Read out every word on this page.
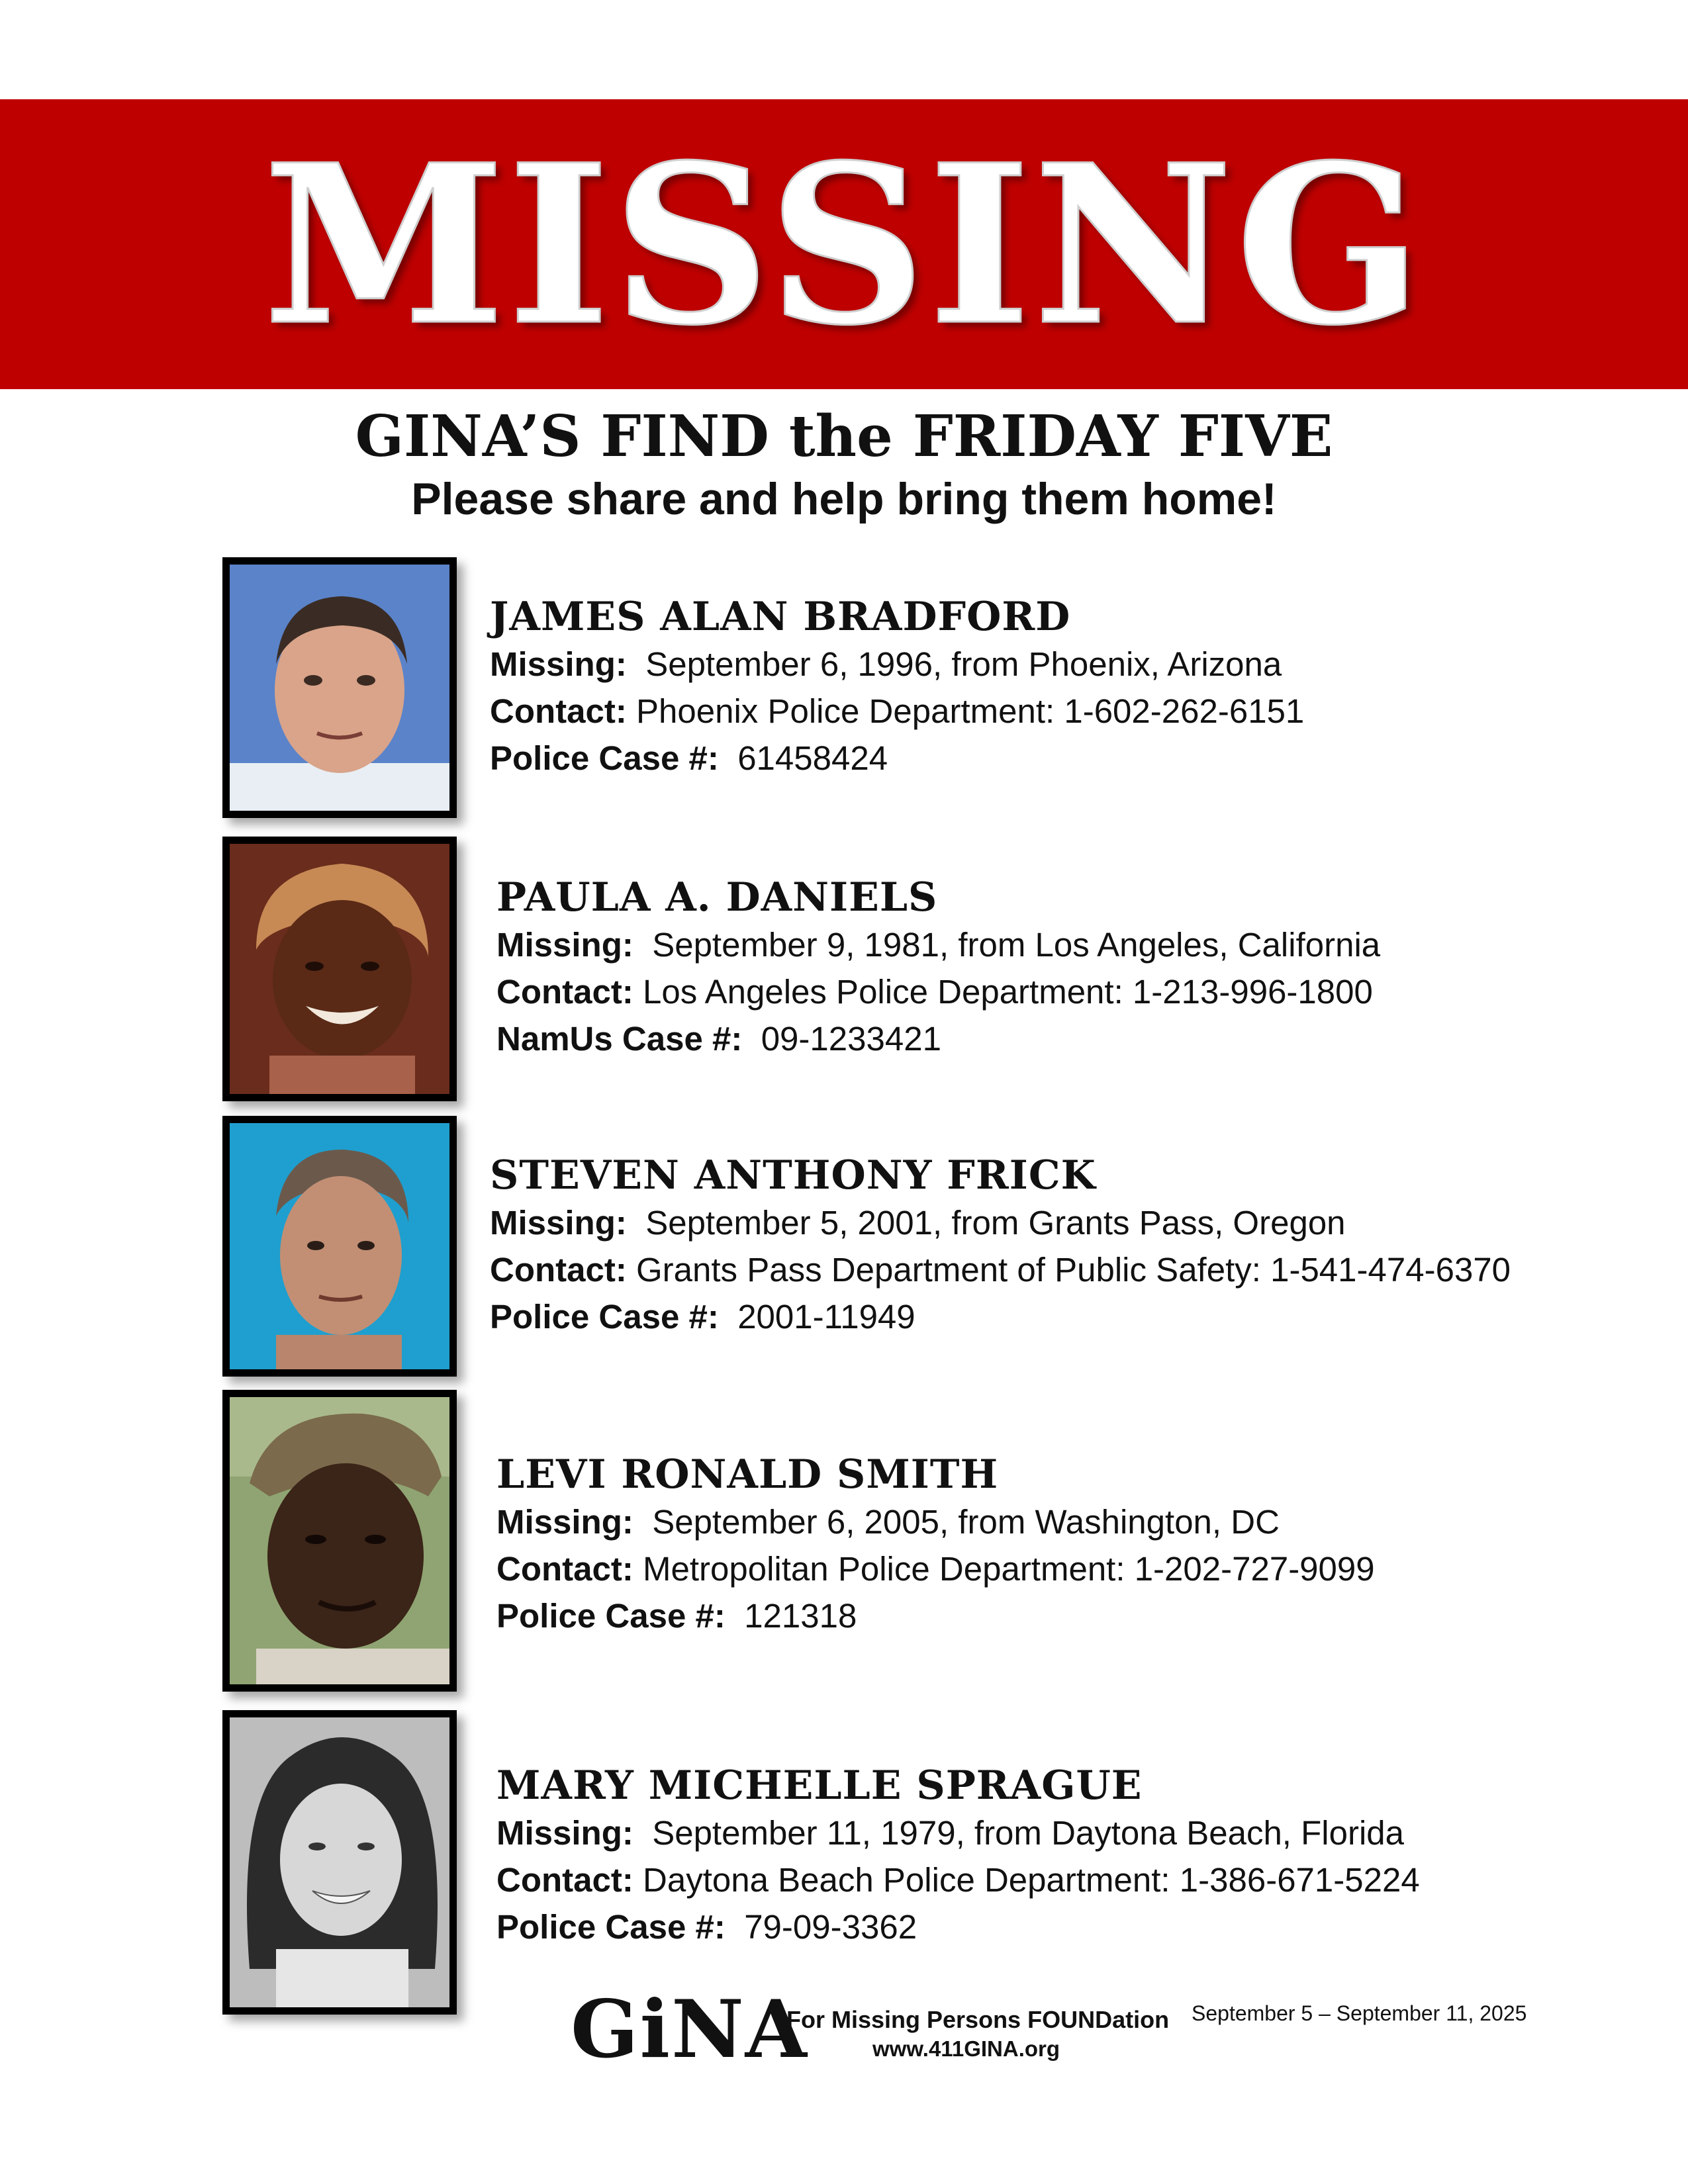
MISSING
GINA’S FIND the FRIDAY FIVE
Please share and help bring them home!
JAMES ALAN BRADFORD
Missing: September 6, 1996, from Phoenix, Arizona
Contact: Phoenix Police Department: 1-602-262-6151
Police Case #: 61458424
PAULA A. DANIELS
Missing: September 9, 1981, from Los Angeles, California
Contact: Los Angeles Police Department: 1-213-996-1800
NamUs Case #: 09-1233421
STEVEN ANTHONY FRICK
Missing: September 5, 2001, from Grants Pass, Oregon
Contact: Grants Pass Department of Public Safety: 1-541-474-6370
Police Case #: 2001-11949
LEVI RONALD SMITH
Missing: September 6, 2005, from Washington, DC
Contact: Metropolitan Police Department: 1-202-727-9099
Police Case #: 121318
MARY MICHELLE SPRAGUE
Missing: September 11, 1979, from Daytona Beach, Florida
Contact: Daytona Beach Police Department: 1-386-671-5224
Police Case #: 79-09-3362
GiNA
For Missing Persons FOUNDation
www.411GINA.org
September 5 – September 11, 2025
